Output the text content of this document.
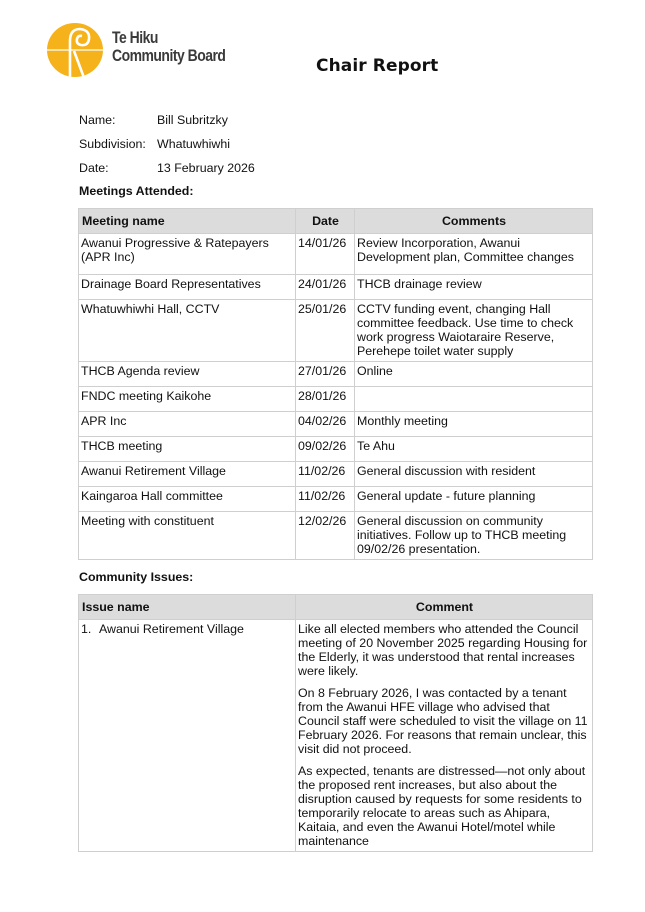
Te Hiku
Community Board
Chair Report
Name:	Bill Subritzky
Subdivision: Whatuwhiwhi
Date:	13 February 2026
Meetings Attended:
Meeting name	Date	Comments
Awanui Progressive & Ratepayers (APR Inc)	14/01/26	Review Incorporation, Awanui Development plan, Committee changes
Drainage Board Representatives	24/01/26	THCB drainage review
Whatuwhiwhi Hall, CCTV	25/01/26	CCTV funding event, changing Hall committee feedback. Use time to check work progress Waiotaraire Reserve, Perehepe toilet water supply
THCB Agenda review	27/01/26	Online
FNDC meeting Kaikohe	28/01/26	
APR Inc	04/02/26	Monthly meeting
THCB meeting	09/02/26	Te Ahu
Awanui Retirement Village	11/02/26	General discussion with resident
Kaingaroa Hall committee	11/02/26	General update - future planning
Meeting with constituent	12/02/26	General discussion on community initiatives. Follow up to THCB meeting 09/02/26 presentation.
Community Issues:
Issue name	Comment
1. Awanui Retirement Village	Like all elected members who attended the Council meeting of 20 November 2025 regarding Housing for the Elderly, it was understood that rental increases were likely.

On 8 February 2026, I was contacted by a tenant from the Awanui HFE village who advised that Council staff were scheduled to visit the village on 11 February 2026. For reasons that remain unclear, this visit did not proceed.

As expected, tenants are distressed—not only about the proposed rent increases, but also about the disruption caused by requests for some residents to temporarily relocate to areas such as Ahipara, Kaitaia, and even the Awanui Hotel/motel while maintenance
